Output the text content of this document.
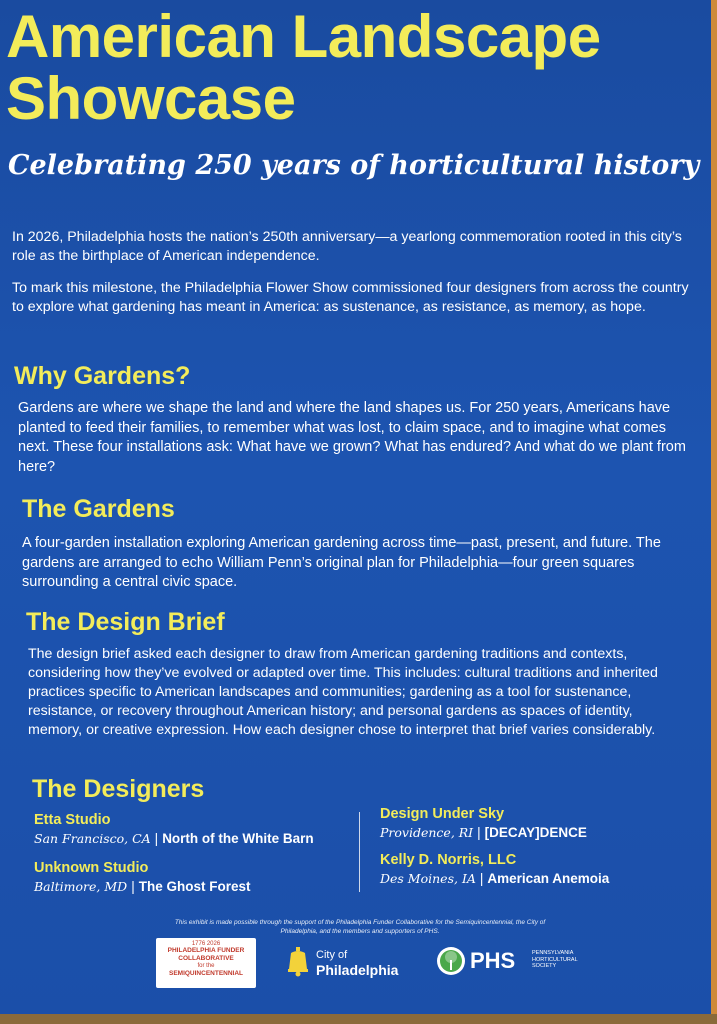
American Landscape Showcase
Celebrating 250 years of horticultural history
In 2026, Philadelphia hosts the nation’s 250th anniversary—a yearlong commemoration rooted in this city’s role as the birthplace of American independence.
To mark this milestone, the Philadelphia Flower Show commissioned four designers from across the country to explore what gardening has meant in America: as sustenance, as resistance, as memory, as hope.
Why Gardens?
Gardens are where we shape the land and where the land shapes us. For 250 years, Americans have planted to feed their families, to remember what was lost, to claim space, and to imagine what comes next. These four installations ask: What have we grown? What has endured? And what do we plant from here?
The Gardens
A four-garden installation exploring American gardening across time—past, present, and future. The gardens are arranged to echo William Penn’s original plan for Philadelphia—four green squares surrounding a central civic space.
The Design Brief
The design brief asked each designer to draw from American gardening traditions and contexts, considering how they’ve evolved or adapted over time. This includes: cultural traditions and inherited practices specific to American landscapes and communities; gardening as a tool for sustenance, resistance, or recovery throughout American history; and personal gardens as spaces of identity, memory, or creative expression. How each designer chose to interpret that brief varies considerably.
The Designers
Etta Studio
San Francisco, CA | North of the White Barn
Unknown Studio
Baltimore, MD | The Ghost Forest
Design Under Sky
Providence, RI | [DECAY]DENCE
Kelly D. Norris, LLC
Des Moines, IA | American Anemoia
This exhibit is made possible through the support of the Philadelphia Funder Collaborative for the Semiquincentennial, the City of Philadelphia, and the members and supporters of PHS.
1776 2026
PHILADELPHIA FUNDER COLLABORATIVE
for the
SEMIQUINCENTENNIAL
City of
Philadelphia	PHS	PENNSYLVANIA HORTICULTURAL SOCIETY
